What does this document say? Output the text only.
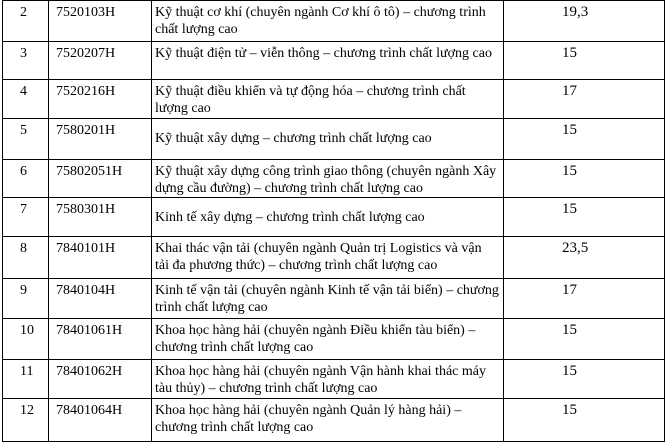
2	7520103H	Kỹ thuật cơ khí (chuyên ngành Cơ khí ô tô) – chương trình chất lượng cao	19,3
3	7520207H	Kỹ thuật điện tử – viễn thông – chương trình chất lượng cao	15
4	7520216H	Kỹ thuật điều khiển và tự động hóa – chương trình chất lượng cao	17
5	7580201H	Kỹ thuật xây dựng – chương trình chất lượng cao	15
6	75802051H	Kỹ thuật xây dựng công trình giao thông (chuyên ngành Xây dựng cầu đường) – chương trình chất lượng cao	15
7	7580301H	Kinh tế xây dựng – chương trình chất lượng cao	15
8	7840101H	Khai thác vận tải (chuyên ngành Quản trị Logistics và vận tải đa phương thức) – chương trình chất lượng cao	23,5
9	7840104H	Kinh tế vận tải (chuyên ngành Kinh tế vận tải biển) – chương trình chất lượng cao	17
10	78401061H	Khoa học hàng hải (chuyên ngành Điều khiển tàu biển) – chương trình chất lượng cao	15
11	78401062H	Khoa học hàng hải (chuyên ngành Vận hành khai thác máy tàu thủy) – chương trình chất lượng cao	15
12	78401064H	Khoa học hàng hải (chuyên ngành Quản lý hàng hải) – chương trình chất lượng cao	15
